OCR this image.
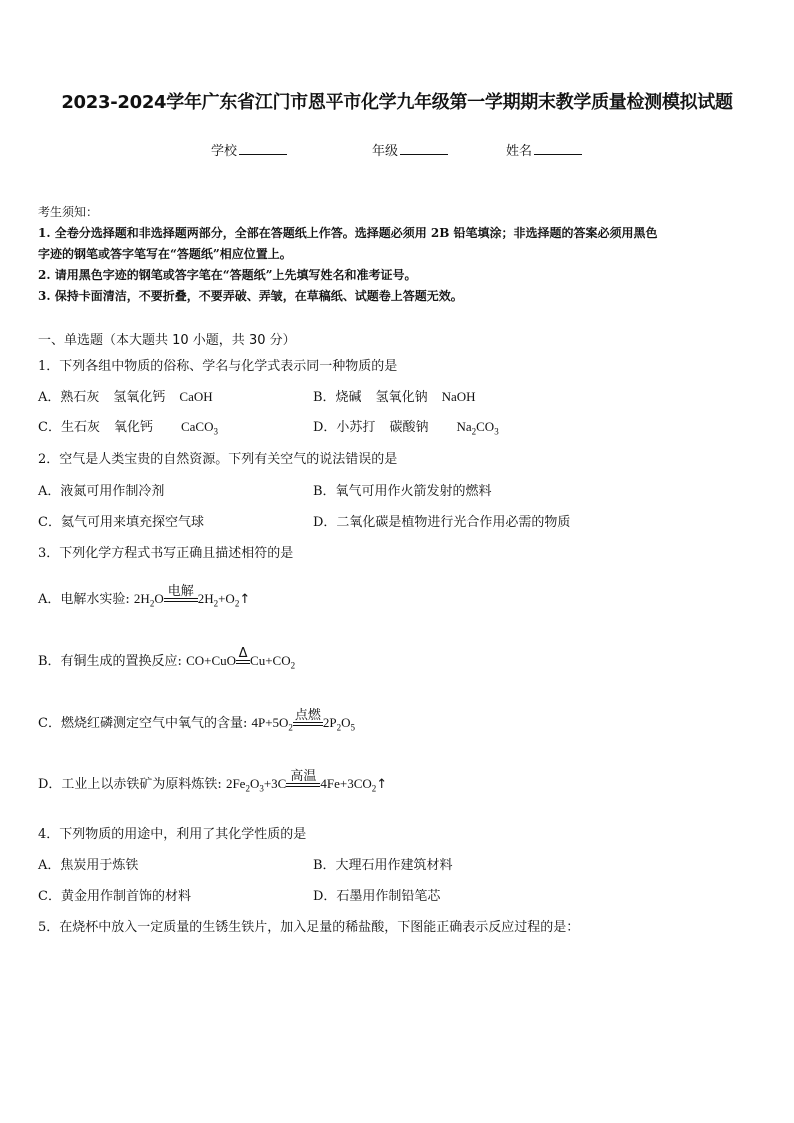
2023-2024学年广东省江门市恩平市化学九年级第一学期期末教学质量检测模拟试题
学校	年级	姓名
考生须知：
1. 全卷分选择题和非选择题两部分，全部在答题纸上作答。选择题必须用 2B 铅笔填涂；非选择题的答案必须用黑色
字迹的钢笔或答字笔写在“答题纸”相应位置上。
2. 请用黑色字迹的钢笔或答字笔在“答题纸”上先填写姓名和准考证号。
3. 保持卡面清洁，不要折叠，不要弄破、弄皱，在草稿纸、试题卷上答题无效。
一、单选题（本大题共 10 小题，共 30 分）
1．下列各组中物质的俗称、学名与化学式表示同一种物质的是
A．熟石灰 氢氧化钙 CaOH	B．烧碱 氢氧化钠 NaOH
C．生石灰 氧化钙 CaCO$_3$	D．小苏打 碳酸钠 $Na_2CO_3$
2．空气是人类宝贵的自然资源。下列有关空气的说法错误的是
A．液氮可用作制冷剂	B．氧气可用作火箭发射的燃料
C．氦气可用来填充探空气球	D．二氧化碳是植物进行光合作用必需的物质
3．下列化学方程式书写正确且描述相符的是
A．电解水实验: $2H_2O$ 电解 $2H_2+O_2↑$
B．有铜生成的置换反应: CO+CuO Δ $Cu+CO_2$
C．燃烧红磷测定空气中氧气的含量: $4P+5O_2$
点燃 $2P_2O_5$
D．工业上以赤铁矿为原料炼铁: $2Fe_2O_3+3C$ 高温 $4Fe+3CO_2↑$
4．下列物质的用途中，利用了其化学性质的是
A．焦炭用于炼铁	B．大理石用作建筑材料
C．黄金用作制首饰的材料	D．石墨用作制铅笔芯
5．在烧杯中放入一定质量的生锈生铁片，加入足量的稀盐酸，下图能正确表示反应过程的是：
